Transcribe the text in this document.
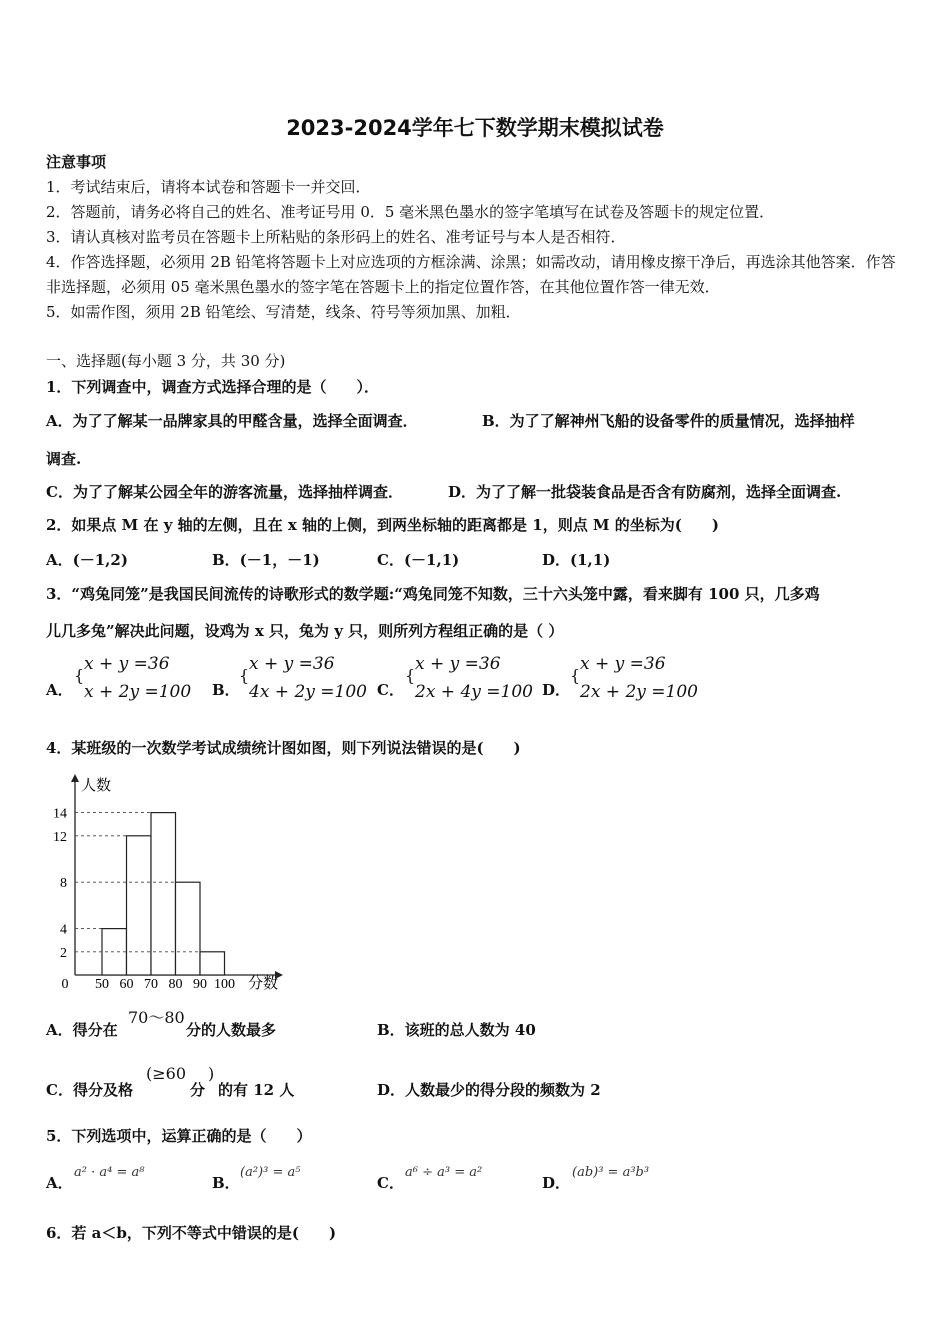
2023-2024学年七下数学期末模拟试卷
注意事项
1．考试结束后，请将本试卷和答题卡一并交回．
2．答题前，请务必将自己的姓名、准考证号用 0．5 毫米黑色墨水的签字笔填写在试卷及答题卡的规定位置．
3．请认真核对监考员在答题卡上所粘贴的条形码上的姓名、准考证号与本人是否相符．
4．作答选择题，必须用 2B 铅笔将答题卡上对应选项的方框涂满、涂黑；如需改动，请用橡皮擦干净后，再选涂其他答案．作答非选择题，必须用 05 毫米黑色墨水的签字笔在答题卡上的指定位置作答，在其他位置作答一律无效．
5．如需作图，须用 2B 铅笔绘、写清楚，线条、符号等须加黑、加粗．
一、选择题(每小题 3 分，共 30 分)
1．下列调查中，调查方式选择合理的是（　　）．
A．为了了解某一品牌家具的甲醛含量，选择全面调查．	B．为了了解神州飞船的设备零件的质量情况，选择抽样
调查.
C．为了了解某公园全年的游客流量，选择抽样调查．	D．为了了解一批袋装食品是否含有防腐剂，选择全面调查.
2．如果点 M 在 y 轴的左侧，且在 x 轴的上侧，到两坐标轴的距离都是 1，则点 M 的坐标为(　　)
A．(－1,2)	B．(－1，－1)	C．(－1,1)	D．(1,1)
3．“鸡兔同笼”是我国民间流传的诗歌形式的数学题:“鸡兔同笼不知数，三十六头笼中露，看来脚有 100 只，几多鸡
儿几多兔”解决此问题，设鸡为 x 只，兔为 y 只，则所列方程组正确的是（ ）
A．
{
x + y =36
x + 2y =100 B．
{
x + y =36
4x + 2y =100 C．
{
x + y =36
2x + 4y =100 D．
{
x + y =36
2x + 2y =100
4．某班级的一次数学考试成绩统计图如图，则下列说法错误的是(　　)
人数
分数
2
4
8
12
14
0 50 60 70 80 90 100
A．得分在
70～80
分的人数最多	B．该班的总人数为 40
C．得分及格
(≥60
分
)
的有 12 人	D．人数最少的得分段的频数为 2
5．下列选项中，运算正确的是（　　）
A．
a² · a⁴ = a⁸
B．
(a²)³ = a⁵
C．
a⁶ ÷ a³ = a²
D．
(ab)³ = a³b³
6．若 a＜b，下列不等式中错误的是(　　)
